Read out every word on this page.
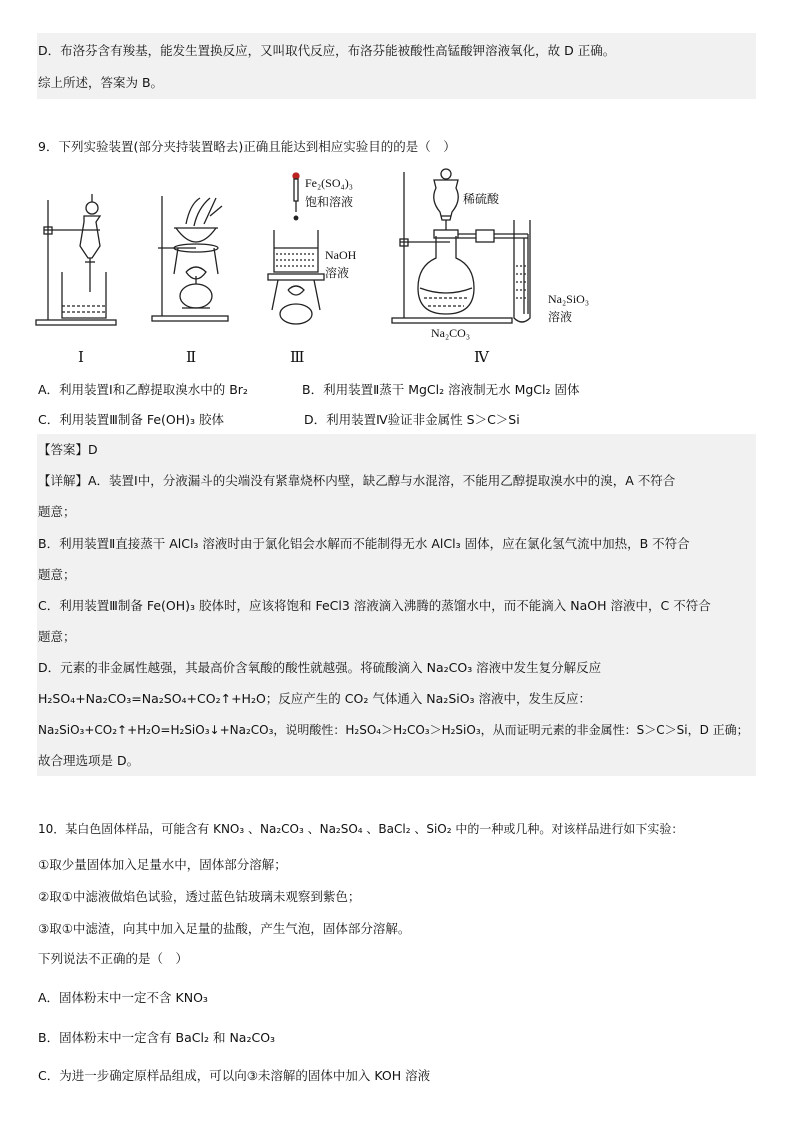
D．布洛芬含有羧基，能发生置换反应，又叫取代反应，布洛芬能被酸性高锰酸钾溶液氧化，故 D 正确。
综上所述，答案为 B。
9．下列实验装置(部分夹持装置略去)正确且能达到相应实验目的的是（　）
Fe₂(SO₄)₃
饱和溶液
NaOH
溶液
稀硫酸
Na₂CO₃
Na₂SiO₃
溶液
Ⅰ	Ⅱ	Ⅲ	Ⅳ
A．利用装置Ⅰ和乙醇提取溴水中的 Br₂	B．利用装置Ⅱ蒸干 MgCl₂ 溶液制无水 MgCl₂ 固体
C．利用装置Ⅲ制备 Fe(OH)₃ 胶体	D．利用装置Ⅳ验证非金属性 S＞C＞Si
【答案】D
【详解】A．装置Ⅰ中，分液漏斗的尖端没有紧靠烧杯内壁，缺乙醇与水混溶，不能用乙醇提取溴水中的溴，A 不符合
题意；
B．利用装置Ⅱ直接蒸干 AlCl₃ 溶液时由于氯化铝会水解而不能制得无水 AlCl₃ 固体，应在氯化氢气流中加热，B 不符合
题意；
C．利用装置Ⅲ制备 Fe(OH)₃ 胶体时，应该将饱和 FeCl3 溶液滴入沸腾的蒸馏水中，而不能滴入 NaOH 溶液中，C 不符合
题意；
D．元素的非金属性越强，其最高价含氧酸的酸性就越强。将硫酸滴入 Na₂CO₃ 溶液中发生复分解反应
H₂SO₄+Na₂CO₃=Na₂SO₄+CO₂↑+H₂O；反应产生的 CO₂ 气体通入 Na₂SiO₃ 溶液中，发生反应：
Na₂SiO₃+CO₂↑+H₂O=H₂SiO₃↓+Na₂CO₃，说明酸性：H₂SO₄＞H₂CO₃＞H₂SiO₃，从而证明元素的非金属性：S＞C＞Si，D 正确；
故合理选项是 D。
10．某白色固体样品，可能含有 KNO₃ 、Na₂CO₃ 、Na₂SO₄ 、BaCl₂ 、SiO₂ 中的一种或几种。对该样品进行如下实验：
①取少量固体加入足量水中，固体部分溶解；
②取①中滤液做焰色试验，透过蓝色钴玻璃未观察到紫色；
③取①中滤渣，向其中加入足量的盐酸，产生气泡，固体部分溶解。
下列说法不正确的是（　）
A．固体粉末中一定不含 KNO₃
B．固体粉末中一定含有 BaCl₂ 和 Na₂CO₃
C．为进一步确定原样品组成，可以向③未溶解的固体中加入 KOH 溶液
